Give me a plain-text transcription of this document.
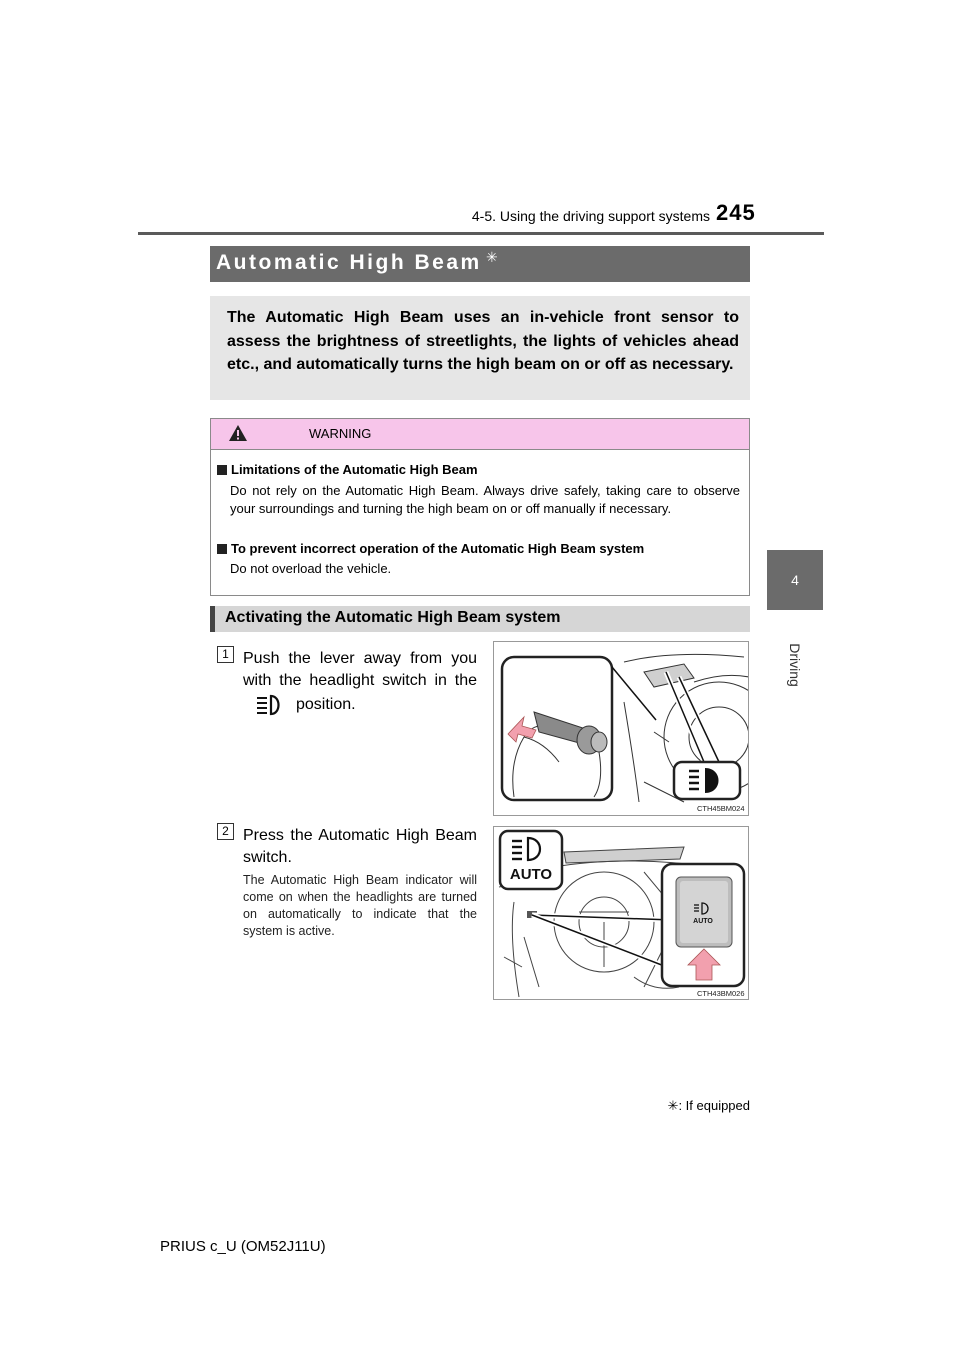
4-5. Using the driving support systems 245
4
Driving
Automatic High Beam ✳
The Automatic High Beam uses an in-vehicle front sensor to assess the brightness of streetlights, the lights of vehicles ahead etc., and automatically turns the high beam on or off as necessary.
WARNING
Limitations of the Automatic High Beam
Do not rely on the Automatic High Beam. Always drive safely, taking care to observe your surroundings and turning the high beam on or off manually if necessary.
To prevent incorrect operation of the Automatic High Beam system
Do not overload the vehicle.
Activating the Automatic High Beam system
1 Push the lever away from you with the headlight switch in the
position.
CTH45BM024
2 Press the Automatic High Beam switch.
The Automatic High Beam indicator will come on when the headlights are turned on automatically to indicate that the system is active.
AUTO
AUTO
CTH43BM026
✳: If equipped
PRIUS c_U (OM52J11U)
